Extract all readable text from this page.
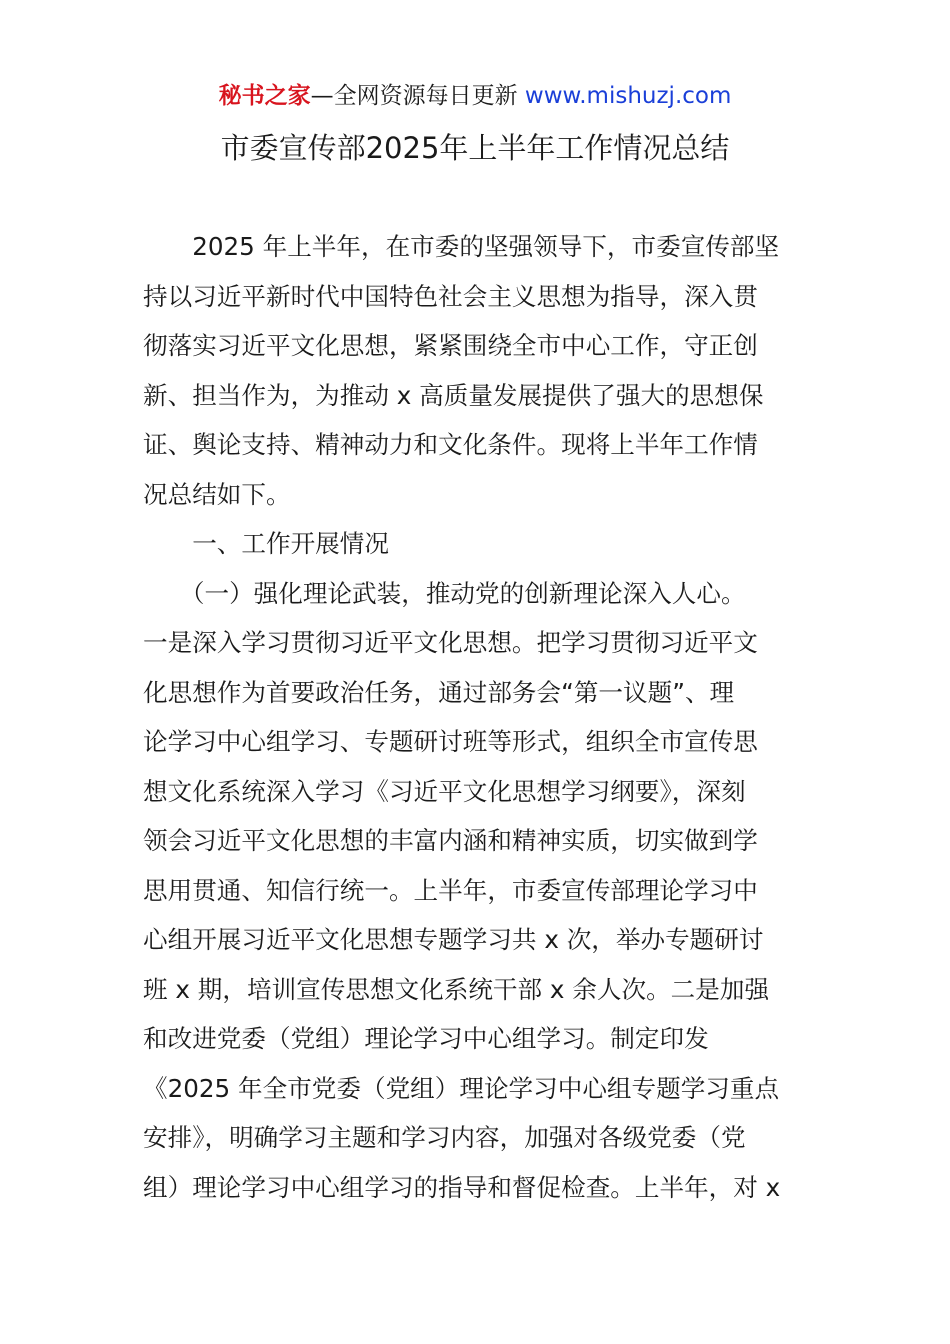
秘书之家—全网资源每日更新 www.mishuzj.com
市委宣传部2025年上半年工作情况总结
　　2025 年上半年，在市委的坚强领导下，市委宣传部坚
持以习近平新时代中国特色社会主义思想为指导，深入贯
彻落实习近平文化思想，紧紧围绕全市中心工作，守正创
新、担当作为，为推动 x 高质量发展提供了强大的思想保
证、舆论支持、精神动力和文化条件。现将上半年工作情
况总结如下。
　　一、工作开展情况
　　（一）强化理论武装，推动党的创新理论深入人心。
一是深入学习贯彻习近平文化思想。把学习贯彻习近平文
化思想作为首要政治任务，通过部务会“第一议题”、理
论学习中心组学习、专题研讨班等形式，组织全市宣传思
想文化系统深入学习《习近平文化思想学习纲要》，深刻
领会习近平文化思想的丰富内涵和精神实质，切实做到学
思用贯通、知信行统一。上半年，市委宣传部理论学习中
心组开展习近平文化思想专题学习共 x 次，举办专题研讨
班 x 期，培训宣传思想文化系统干部 x 余人次。二是加强
和改进党委（党组）理论学习中心组学习。制定印发
《2025 年全市党委（党组）理论学习中心组专题学习重点
安排》，明确学习主题和学习内容，加强对各级党委（党
组）理论学习中心组学习的指导和督促检查。上半年，对 x
